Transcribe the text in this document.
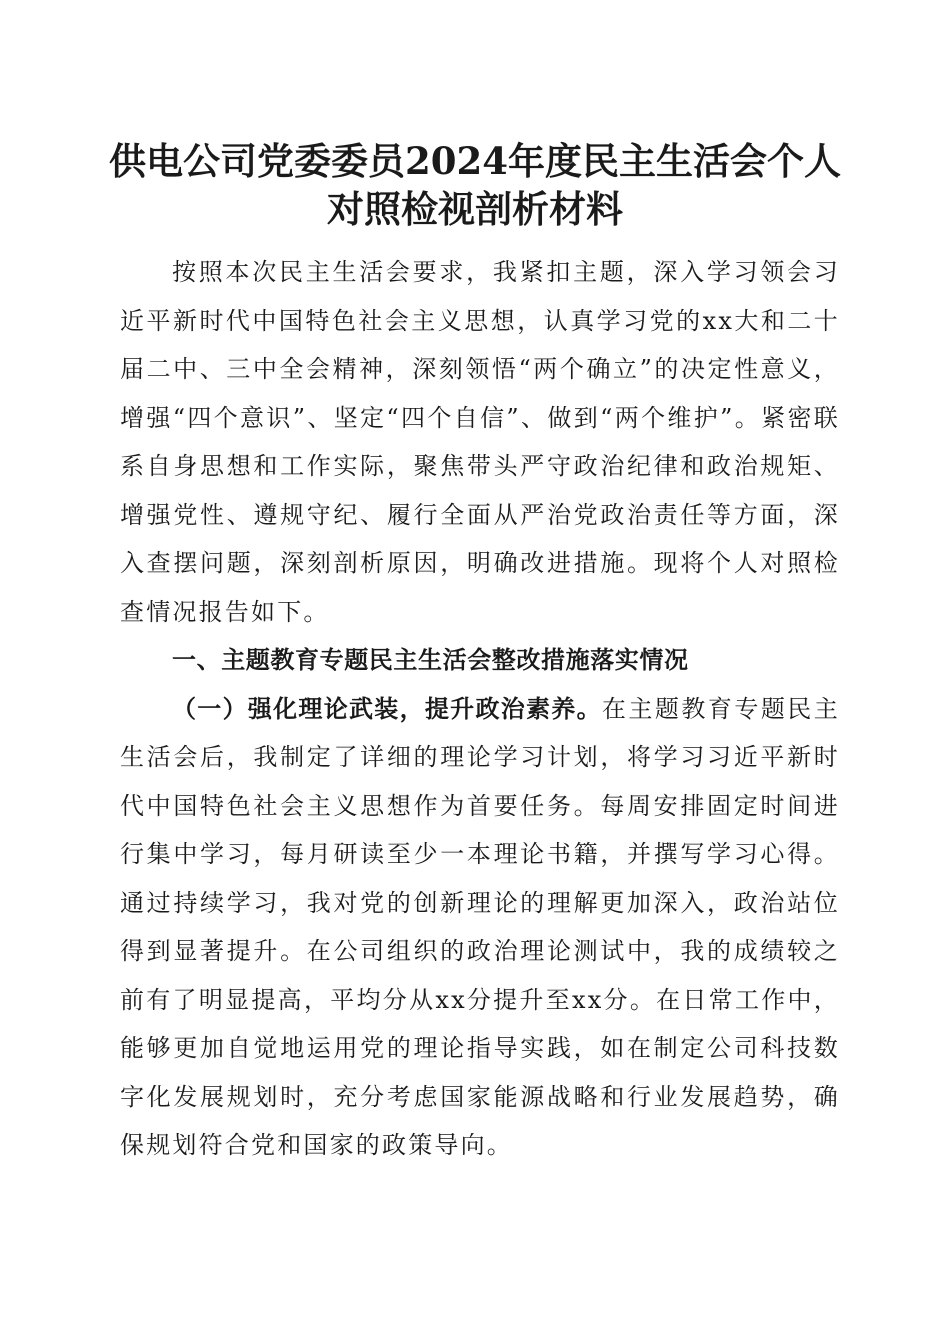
供电公司党委委员2024年度民主生活会个人
对照检视剖析材料

按照本次民主生活会要求，我紧扣主题，深入学习领会习近平新时代中国特色社会主义思想，认真学习党的xx大和二十届二中、三中全会精神，深刻领悟“两个确立”的决定性意义，增强“四个意识”、坚定“四个自信”、做到“两个维护”。紧密联系自身思想和工作实际，聚焦带头严守政治纪律和政治规矩、增强党性、遵规守纪、履行全面从严治党政治责任等方面，深入查摆问题，深刻剖析原因，明确改进措施。现将个人对照检查情况报告如下。

一、主题教育专题民主生活会整改措施落实情况

（一）强化理论武装，提升政治素养。在主题教育专题民主生活会后，我制定了详细的理论学习计划，将学习习近平新时代中国特色社会主义思想作为首要任务。每周安排固定时间进行集中学习，每月研读至少一本理论书籍，并撰写学习心得。通过持续学习，我对党的创新理论的理解更加深入，政治站位得到显著提升。在公司组织的政治理论测试中，我的成绩较之前有了明显提高，平均分从xx分提升至xx分。在日常工作中，能够更加自觉地运用党的理论指导实践，如在制定公司科技数字化发展规划时，充分考虑国家能源战略和行业发展趋势，确保规划符合党和国家的政策导向。
